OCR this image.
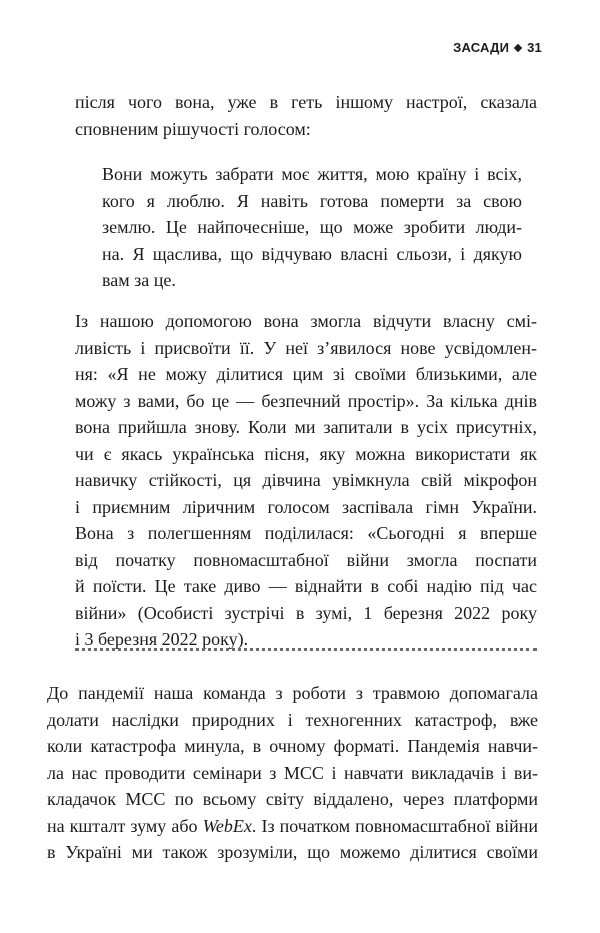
ЗАСАДИ 31
після чого вона, уже в геть іншому настрої, сказала
сповненим рішучості голосом:
Вони можуть забрати моє життя, мою країну і всіх,
кого я люблю. Я навіть готова померти за свою
землю. Це найпочесніше, що може зробити люди-
на. Я щаслива, що відчуваю власні сльози, і дякую
вам за це.
Із нашою допомогою вона змогла відчути власну смі-
ливість і присвоїти її. У неї з’явилося нове усвідомлен-
ня: «Я не можу ділитися цим зі своїми близькими, але
можу з вами, бо це — безпечний простір». За кілька днів
вона прийшла знову. Коли ми запитали в усіх присутніх,
чи є якась українська пісня, яку можна використати як
навичку стійкості, ця дівчина увімкнула свій мікрофон
і приємним ліричним голосом заспівала гімн України.
Вона з полегшенням поділилася: «Сьогодні я вперше
від початку повномасштабної війни змогла поспати
й поїсти. Це таке диво — віднайти в собі надію під час
війни» (Особисті зустрічі в зумі, 1 березня 2022 року
і 3 березня 2022 року).
До пандемії наша команда з роботи з травмою допомагала
долати наслідки природних і техногенних катастроф, вже
коли катастрофа минула, в очному форматі. Пандемія навчи-
ла нас проводити семінари з МСС і навчати викладачів і ви-
кладачок МСС по всьому світу віддалено, через платформи
на кшталт зуму або WebEx. Із початком повномасштабної війни
в Україні ми також зрозуміли, що можемо ділитися своїми
